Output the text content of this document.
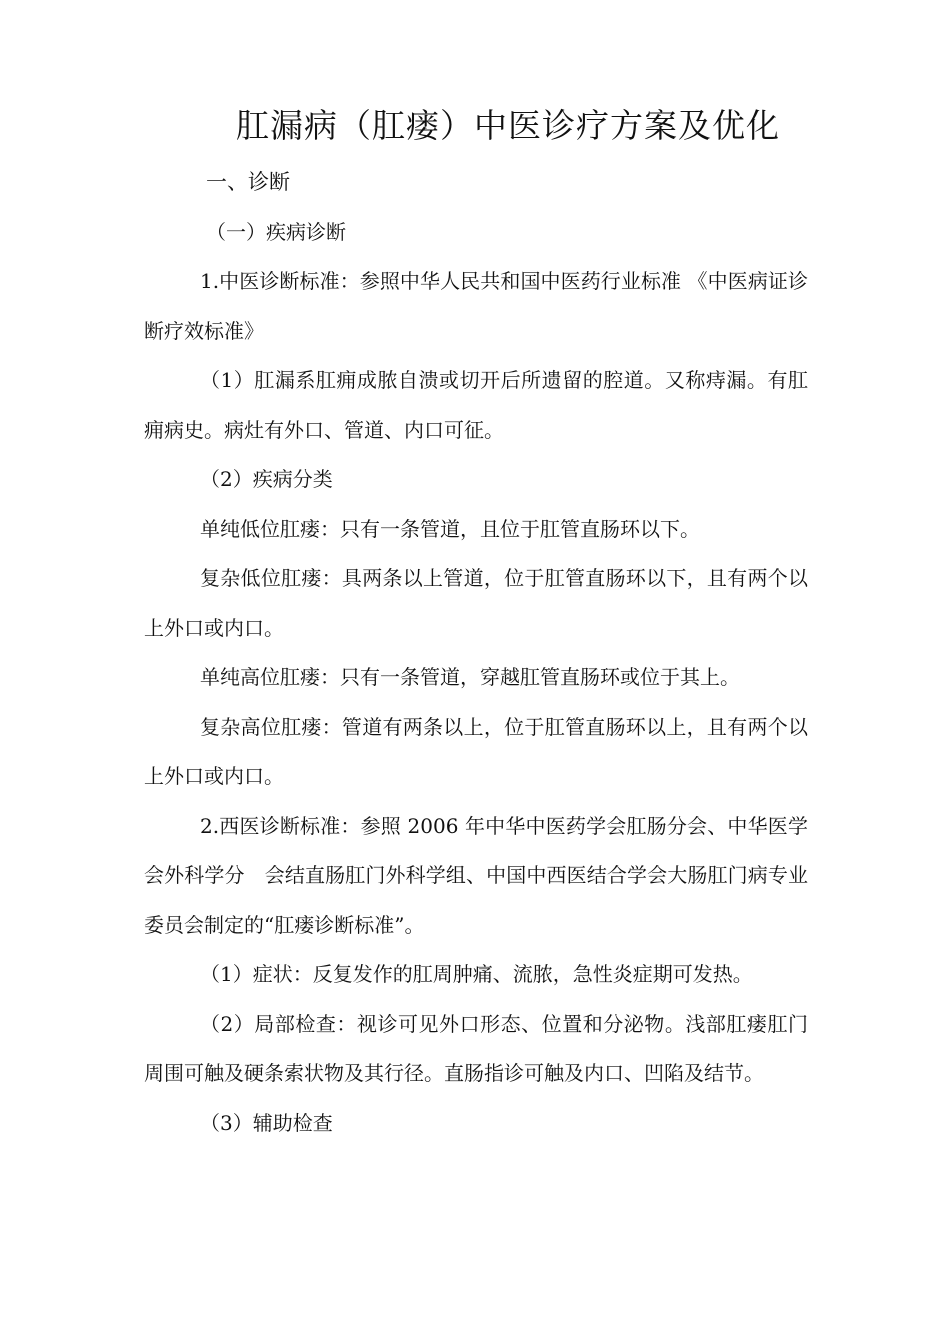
肛漏病（肛瘘）中医诊疗方案及优化

一、诊断

（一）疾病诊断

1.中医诊断标准：参照中华人民共和国中医药行业标准 《中医病证诊断疗效标准》

（1）肛漏系肛痈成脓自溃或切开后所遗留的腔道。又称痔漏。有肛痈病史。病灶有外口、管道、内口可征。

（2）疾病分类

单纯低位肛瘘：只有一条管道，且位于肛管直肠环以下。

复杂低位肛瘘：具两条以上管道，位于肛管直肠环以下，且有两个以上外口或内口。

单纯高位肛瘘：只有一条管道，穿越肛管直肠环或位于其上。

复杂高位肛瘘：管道有两条以上，位于肛管直肠环以上，且有两个以上外口或内口。

2.西医诊断标准：参照 2006 年中华中医药学会肛肠分会、中华医学会外科学分　会结直肠肛门外科学组、中国中西医结合学会大肠肛门病专业委员会制定的“肛瘘诊断标准”。

（1）症状：反复发作的肛周肿痛、流脓，急性炎症期可发热。

（2）局部检查：视诊可见外口形态、位置和分泌物。浅部肛瘘肛门周围可触及硬条索状物及其行径。直肠指诊可触及内口、凹陷及结节。

（3）辅助检查
